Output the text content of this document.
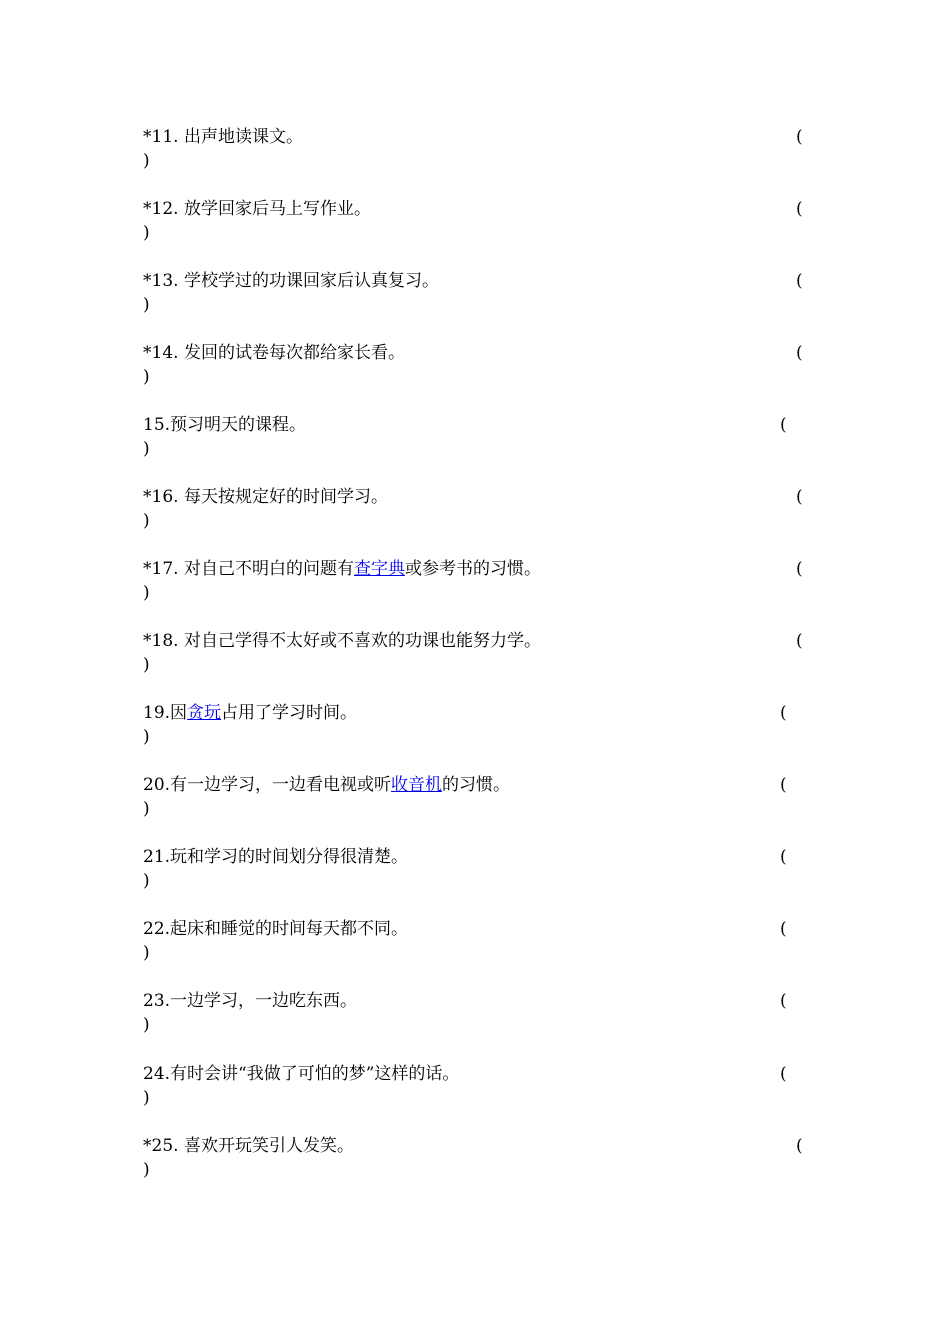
*11. 出声地读课文。	(
)
*12. 放学回家后马上写作业。	(
)
*13. 学校学过的功课回家后认真复习。	(
)
*14. 发回的试卷每次都给家长看。	(
)
15.预习明天的课程。	(
)
*16. 每天按规定好的时间学习。	(
)
*17. 对自己不明白的问题有查字典或参考书的习惯。	(
)
*18. 对自己学得不太好或不喜欢的功课也能努力学。	(
)
19.因贪玩占用了学习时间。	(
)
20.有一边学习，一边看电视或听收音机的习惯。	(
)
21.玩和学习的时间划分得很清楚。	(
)
22.起床和睡觉的时间每天都不同。	(
)
23.一边学习，一边吃东西。	(
)
24.有时会讲“我做了可怕的梦”这样的话。	(
)
*25. 喜欢开玩笑引人发笑。	(
)
